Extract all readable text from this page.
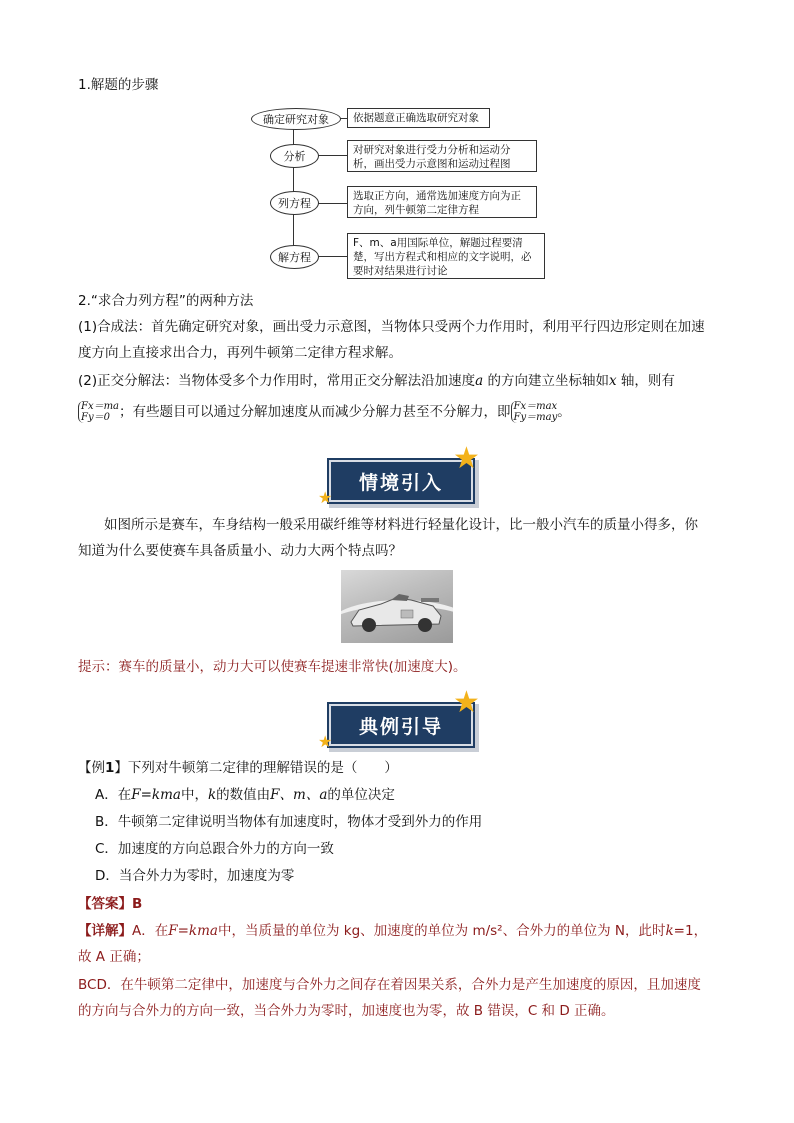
1.解题的步骤
确定研究对象	依据题意正确选取研究对象
分析	对研究对象进行受力分析和运动分析，画出受力示意图和运动过程图
列方程
选取正方向，通常选加速度方向为正方向，列牛顿第二定律方程
解方程
F、m、a用国际单位，解题过程要清楚，写出方程式和相应的文字说明，必要时对结果进行讨论
2.“求合力列方程”的两种方法
(1)合成法：首先确定研究对象，画出受力示意图，当物体只受两个力作用时，利用平行四边形定则在加速
度方向上直接求出合力，再列牛顿第二定律方程求解。
(2)正交分解法：当物体受多个力作用时，常用正交分解法沿加速度a 的方向建立坐标轴如x 轴，则有
Fx＝ma
Fy＝0 ；有些题目可以通过分解加速度从而减少分解力甚至不分解力，即 Fx＝max
Fy＝may。
情境引入
★
★
如图所示是赛车，车身结构一般采用碳纤维等材料进行轻量化设计，比一般小汽车的质量小得多，你
知道为什么要使赛车具备质量小、动力大两个特点吗？
提示：赛车的质量小，动力大可以使赛车提速非常快(加速度大)。
典例引导
★
★
【例1】下列对牛顿第二定律的理解错误的是（　　）
A．在F=kma中，k的数值由F、m、a的单位决定
B．牛顿第二定律说明当物体有加速度时，物体才受到外力的作用
C．加速度的方向总跟合外力的方向一致
D．当合外力为零时，加速度为零
【答案】B
【详解】A．在F=kma中，当质量的单位为 kg、加速度的单位为 m/s²、合外力的单位为 N，此时k=1，
故 A 正确；
BCD．在牛顿第二定律中，加速度与合外力之间存在着因果关系，合外力是产生加速度的原因，且加速度
的方向与合外力的方向一致，当合外力为零时，加速度也为零，故 B 错误，C 和 D 正确。
